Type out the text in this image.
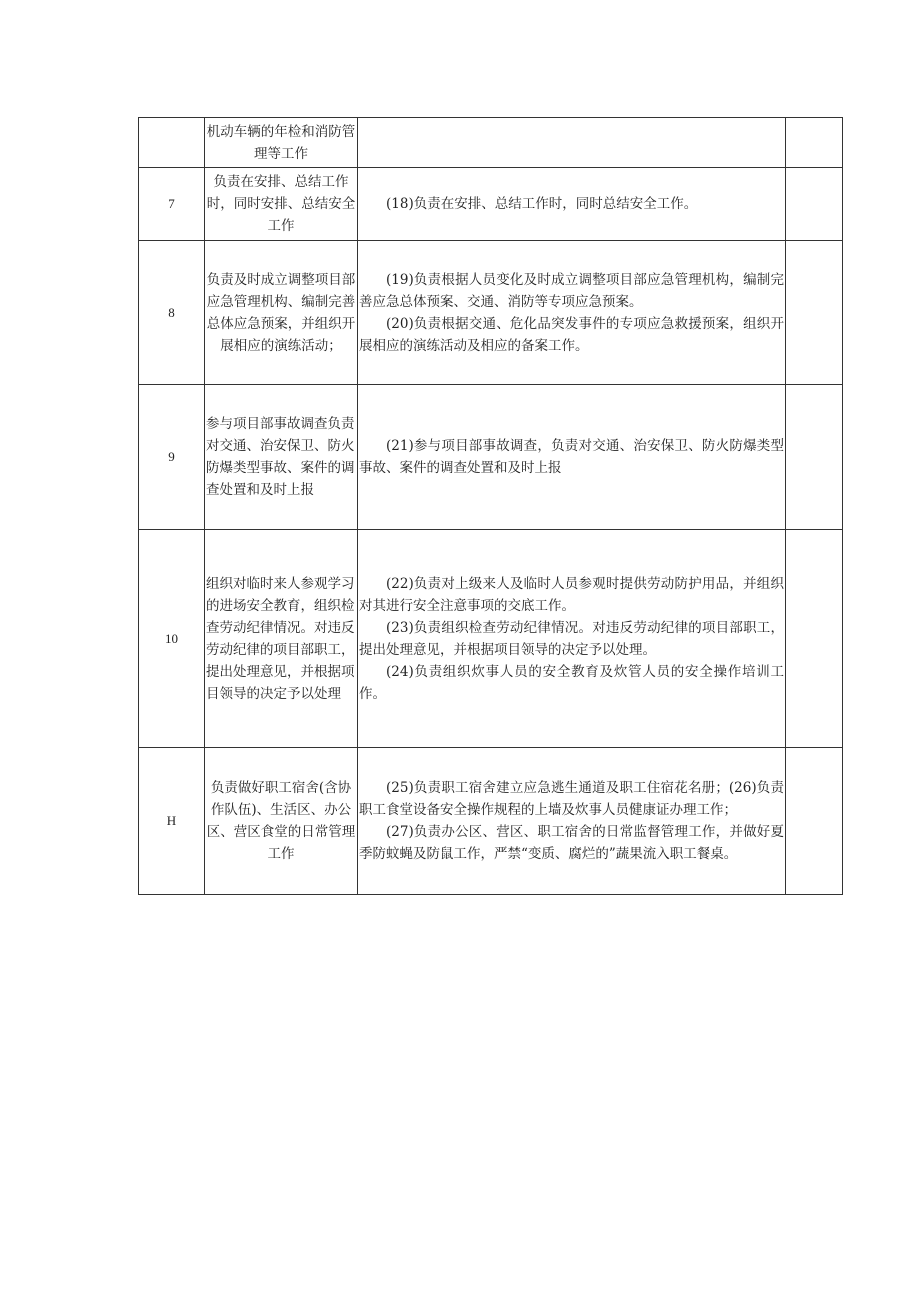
	机动车辆的年检和消防管理等工作	

7	负责在安排、总结工作时，同时安排、总结安全工作	(18)负责在安排、总结工作时，同时总结安全工作。	

8	负责及时成立调整项目部应急管理机构、编制完善总体应急预案，并组织开展相应的演练活动；	(19)负责根据人员变化及时成立调整项目部应急管理机构，编制完善应急总体预案、交通、消防等专项应急预案。

(20)负责根据交通、危化品突发事件的专项应急救援预案，组织开展相应的演练活动及相应的备案工作。	

9	参与项目部事故调查负责对交通、治安保卫、防火防爆类型事故、案件的调查处置和及时上报	(21)参与项目部事故调查，负责对交通、治安保卫、防火防爆类型事故、案件的调查处置和及时上报	

10	组织对临时来人参观学习的进场安全教育，组织检查劳动纪律情况。对违反劳动纪律的项目部职工，提出处理意见，并根据项目领导的决定予以处理	(22)负责对上级来人及临时人员参观时提供劳动防护用品，并组织对其进行安全注意事项的交底工作。

(23)负责组织检查劳动纪律情况。对违反劳动纪律的项目部职工，提出处理意见，并根据项目领导的决定予以处理。

(24)负责组织炊事人员的安全教育及炊管人员的安全操作培训工作。	

H	负责做好职工宿舍(含协作队伍)、生活区、办公区、营区食堂的日常管理工作	(25)负责职工宿舍建立应急逃生通道及职工住宿花名册；(26)负责职工食堂设备安全操作规程的上墙及炊事人员健康证办理工作；

(27)负责办公区、营区、职工宿舍的日常监督管理工作，并做好夏季防蚊蝇及防鼠工作，严禁“变质、腐烂的”蔬果流入职工餐桌。	
